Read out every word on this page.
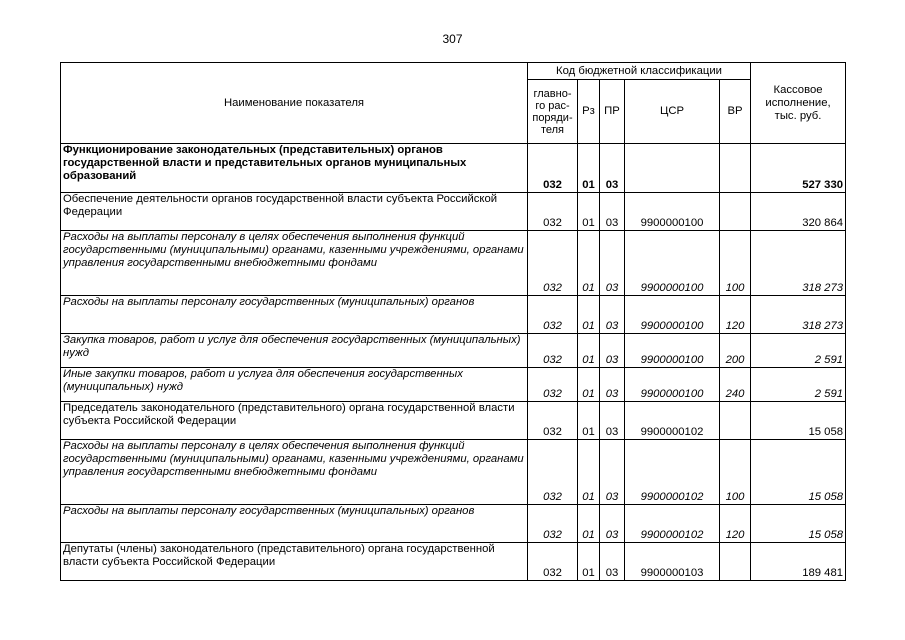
307
Наименование показателя	Код бюджетной классификации					Кассовое исполнение, тыс. руб.
	главно-го рас-поряди-теля	Рз	ПР	ЦСР	ВР	
Функционирование законодательных (представительных) органов государственной власти и представительных органов муниципальных образований	032	01	03			527 330
Обеспечение деятельности органов государственной власти субъекта Российской Федерации	032	01	03	9900000100		320 864
Расходы на выплаты персоналу в целях обеспечения выполнения функций государственными (муниципальными) органами, казенными учреждениями, органами управления государственными внебюджетными фондами	032	01	03	9900000100	100	318 273
Расходы на выплаты персоналу государственных (муниципальных) органов	032	01	03	9900000100	120	318 273
Закупка товаров, работ и услуг для обеспечения государственных (муниципальных) нужд	032	01	03	9900000100	200	2 591
Иные закупки товаров, работ и услуга для обеспечения государственных (муниципальных) нужд	032	01	03	9900000100	240	2 591
Председатель законодательного (представительного) органа государственной власти субъекта Российской Федерации	032	01	03	9900000102		15 058
Расходы на выплаты персоналу в целях обеспечения выполнения функций государственными (муниципальными) органами, казенными учреждениями, органами управления государственными внебюджетными фондами	032	01	03	9900000102	100	15 058
Расходы на выплаты персоналу государственных (муниципальных) органов	032	01	03	9900000102	120	15 058
Депутаты (члены) законодательного (представительного) органа государственной власти субъекта Российской Федерации	032	01	03	9900000103		189 481
